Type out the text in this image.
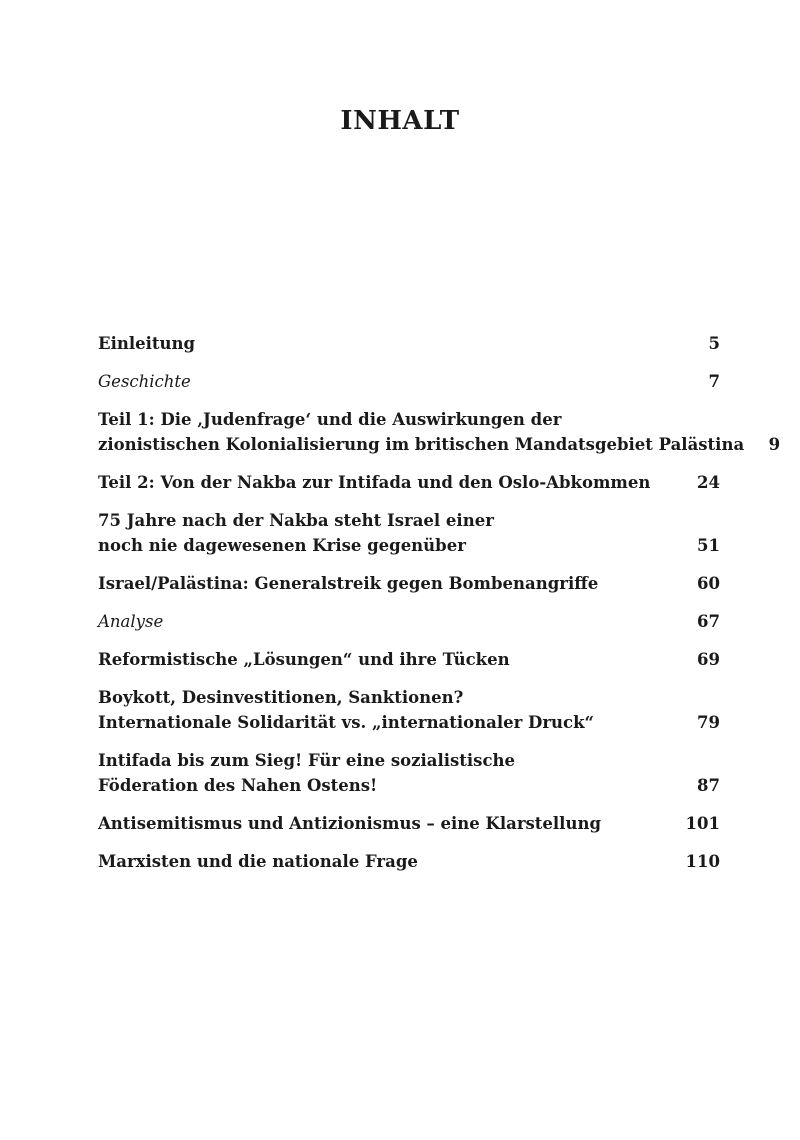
INHALT
Einleitung	5
Geschichte	7
Teil 1: Die ‚Judenfrage‘ und die Auswirkungen der
zionistischen Kolonialisierung im britischen Mandatsgebiet Palästina	9
Teil 2: Von der Nakba zur Intifada und den Oslo-Abkommen	24
75 Jahre nach der Nakba steht Israel einer
noch nie dagewesenen Krise gegenüber	51
Israel/Palästina: Generalstreik gegen Bombenangriffe	60
Analyse	67
Reformistische „Lösungen“ und ihre Tücken	69
Boykott, Desinvestitionen, Sanktionen?
Internationale Solidarität vs. „internationaler Druck“	79
Intifada bis zum Sieg! Für eine sozialistische
Föderation des Nahen Ostens!	87
Antisemitismus und Antizionismus – eine Klarstellung	101
Marxisten und die nationale Frage	110
